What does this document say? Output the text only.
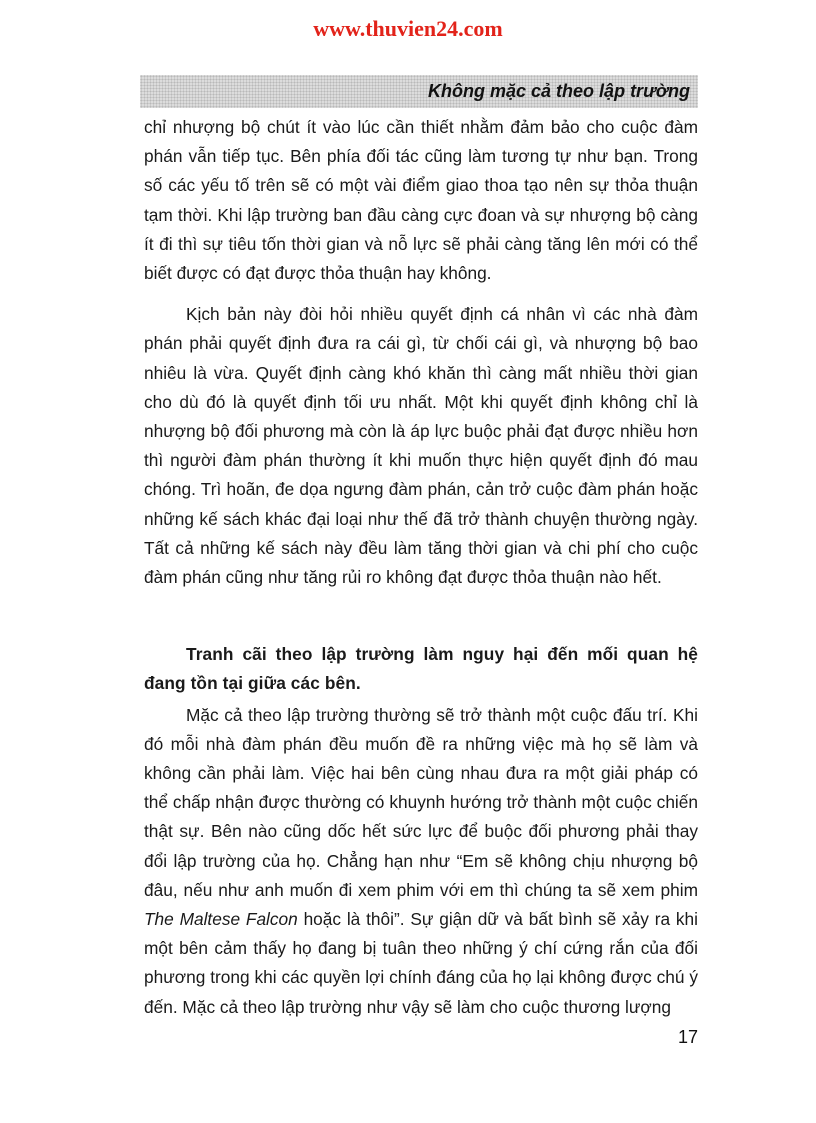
www.thuvien24.com
Không mặc cả theo lập trường

chỉ nhượng bộ chút ít vào lúc cần thiết nhằm đảm bảo cho cuộc đàm phán vẫn tiếp tục. Bên phía đối tác cũng làm tương tự như bạn. Trong số các yếu tố trên sẽ có một vài điểm giao thoa tạo nên sự thỏa thuận tạm thời. Khi lập trường ban đầu càng cực đoan và sự nhượng bộ càng ít đi thì sự tiêu tốn thời gian và nỗ lực sẽ phải càng tăng lên mới có thể biết được có đạt được thỏa thuận hay không.

Kịch bản này đòi hỏi nhiều quyết định cá nhân vì các nhà đàm phán phải quyết định đưa ra cái gì, từ chối cái gì, và nhượng bộ bao nhiêu là vừa. Quyết định càng khó khăn thì càng mất nhiều thời gian cho dù đó là quyết định tối ưu nhất. Một khi quyết định không chỉ là nhượng bộ đối phương mà còn là áp lực buộc phải đạt được nhiều hơn thì người đàm phán thường ít khi muốn thực hiện quyết định đó mau chóng. Trì hoãn, đe dọa ngưng đàm phán, cản trở cuộc đàm phán hoặc những kế sách khác đại loại như thế đã trở thành chuyện thường ngày. Tất cả những kế sách này đều làm tăng thời gian và chi phí cho cuộc đàm phán cũng như tăng rủi ro không đạt được thỏa thuận nào hết.

Tranh cãi theo lập trường làm nguy hại đến mối quan hệ đang tồn tại giữa các bên.

Mặc cả theo lập trường thường sẽ trở thành một cuộc đấu trí. Khi đó mỗi nhà đàm phán đều muốn đề ra những việc mà họ sẽ làm và không cần phải làm. Việc hai bên cùng nhau đưa ra một giải pháp có thể chấp nhận được thường có khuynh hướng trở thành một cuộc chiến thật sự. Bên nào cũng dốc hết sức lực để buộc đối phương phải thay đổi lập trường của họ. Chẳng hạn như “Em sẽ không chịu nhượng bộ đâu, nếu như anh muốn đi xem phim với em thì chúng ta sẽ xem phim The Maltese Falcon hoặc là thôi”. Sự giận dữ và bất bình sẽ xảy ra khi một bên cảm thấy họ đang bị tuân theo những ý chí cứng rắn của đối phương trong khi các quyền lợi chính đáng của họ lại không được chú ý đến. Mặc cả theo lập trường như vậy sẽ làm cho cuộc thương lượng

17
